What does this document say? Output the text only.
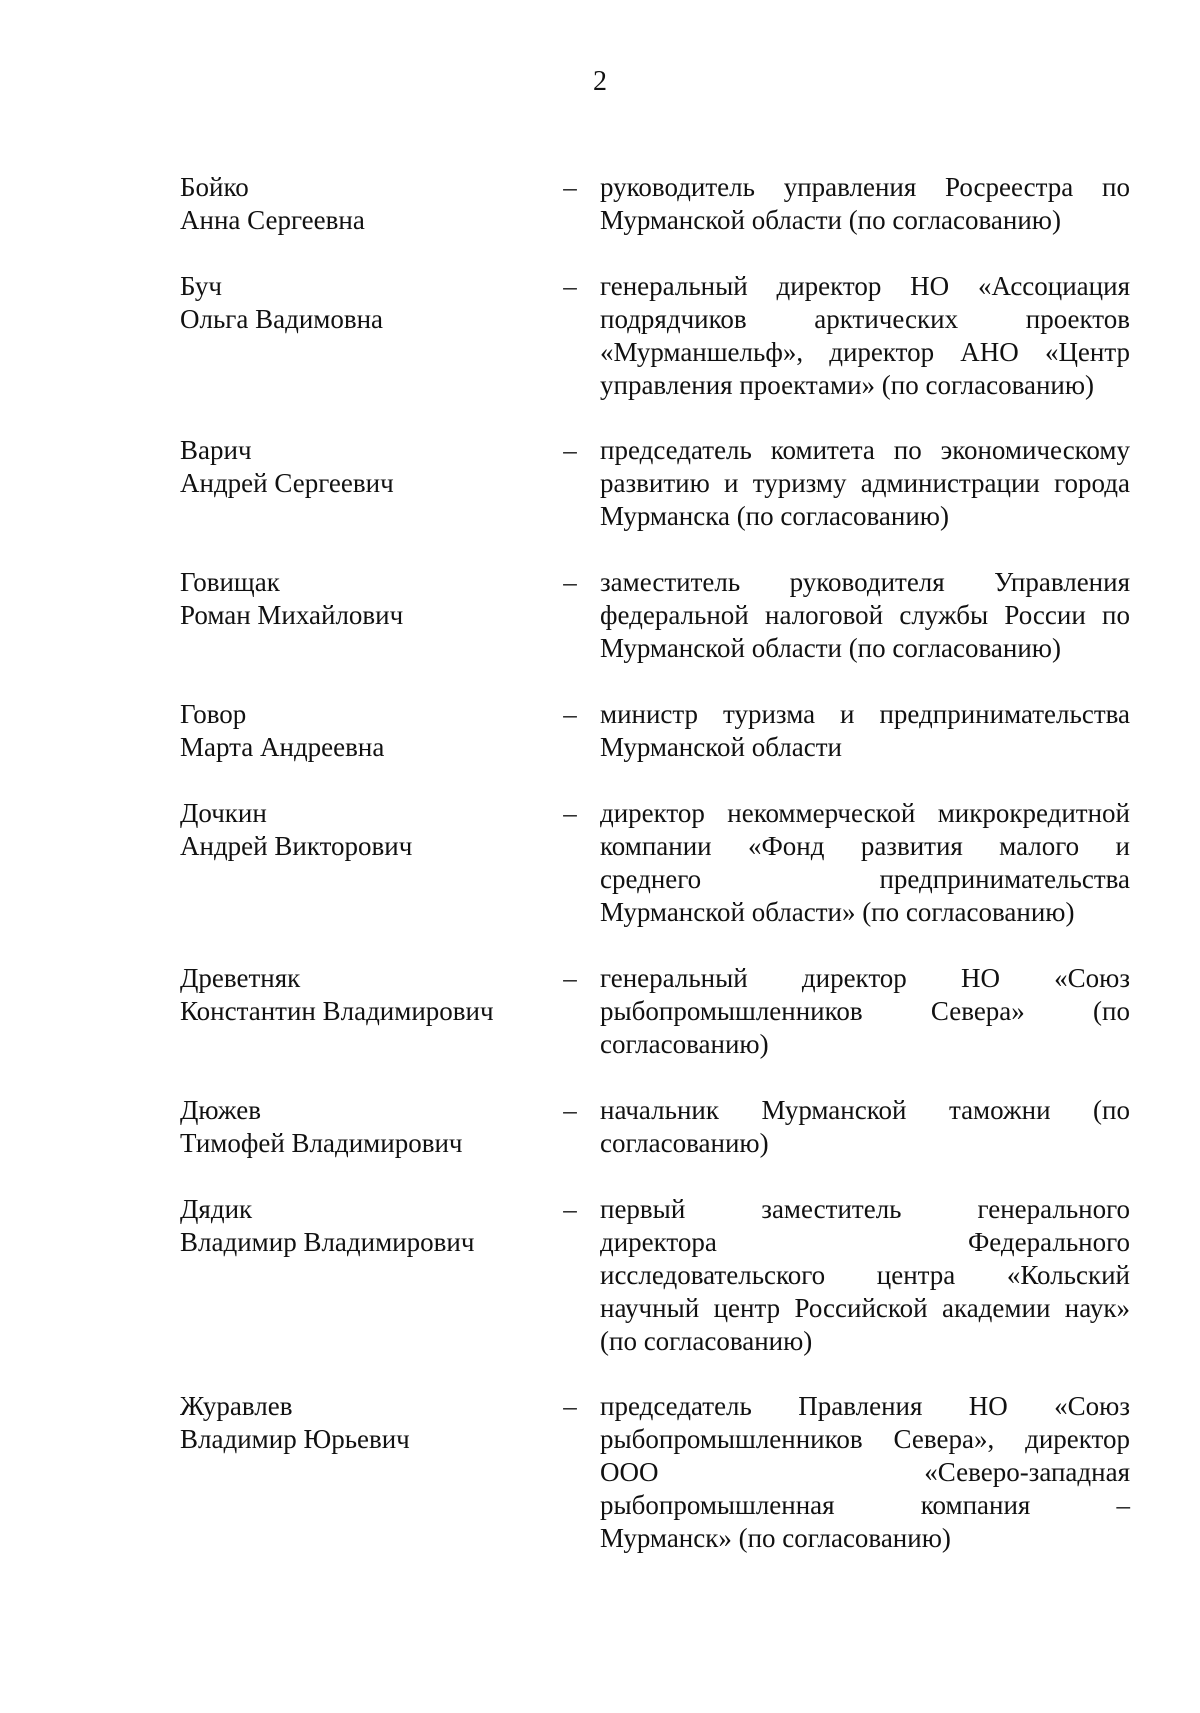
2
Бойко
Анна Сергеевна
– руководитель управления Росреестра по
Мурманской области (по согласованию)
Буч
Ольга Вадимовна
– генеральный директор НО «Ассоциация
подрядчиков арктических проектов
«Мурманшельф», директор АНО «Центр
управления проектами» (по согласованию)
Варич
Андрей Сергеевич
– председатель комитета по экономическому
развитию и туризму администрации города
Мурманска (по согласованию)
Говищак
Роман Михайлович
– заместитель руководителя Управления
федеральной налоговой службы России по
Мурманской области (по согласованию)
Говор
Марта Андреевна
– министр туризма и предпринимательства
Мурманской области
Дочкин
Андрей Викторович
– директор некоммерческой микрокредитной
компании «Фонд развития малого и
среднего предпринимательства
Мурманской области» (по согласованию)
Древетняк
Константин Владимирович
– генеральный директор НО «Союз
рыбопромышленников Севера» (по
согласованию)
Дюжев
Тимофей Владимирович
– начальник Мурманской таможни (по
согласованию)
Дядик
Владимир Владимирович
– первый заместитель генерального
директора Федерального
исследовательского центра «Кольский
научный центр Российской академии наук»
(по согласованию)
Журавлев
Владимир Юрьевич
– председатель Правления НО «Союз
рыбопромышленников Севера», директор
ООО «Северо-западная
рыбопромышленная компания –
Мурманск» (по согласованию)
